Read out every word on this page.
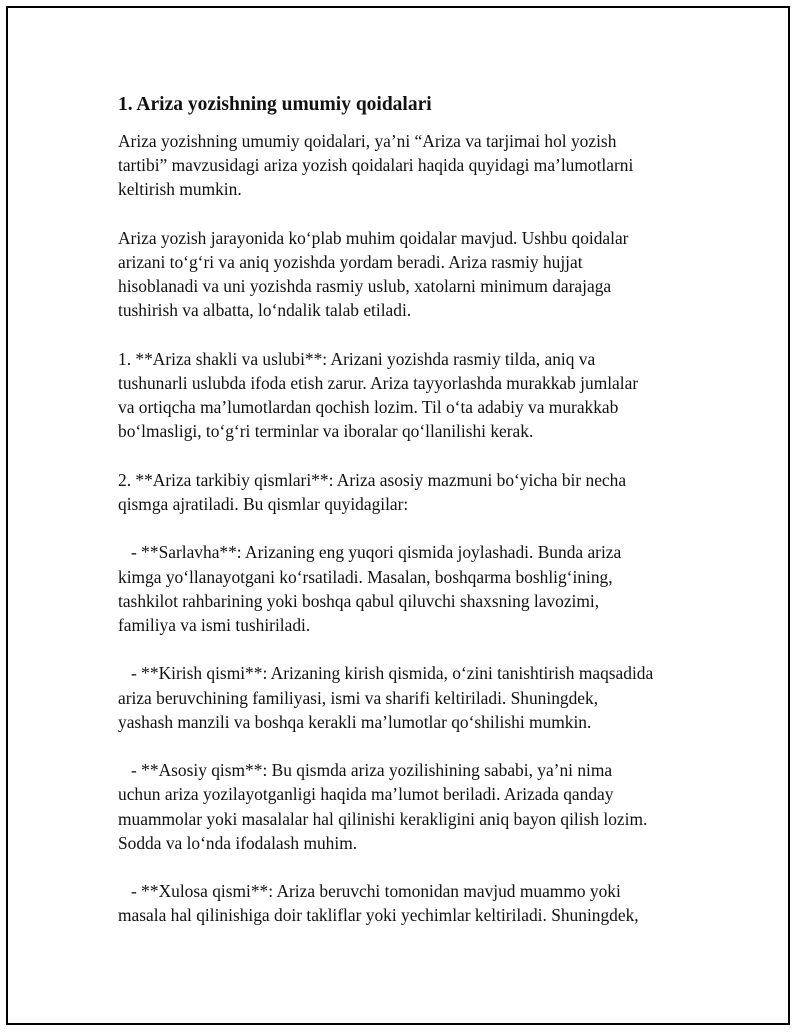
1. Ariza yozishning umumiy qoidalari
Ariza yozishning umumiy qoidalari, ya’ni “Ariza va tarjimai hol yozish
tartibi” mavzusidagi ariza yozish qoidalari haqida quyidagi ma’lumotlarni
keltirish mumkin.
Ariza yozish jarayonida ko‘plab muhim qoidalar mavjud. Ushbu qoidalar
arizani to‘g‘ri va aniq yozishda yordam beradi. Ariza rasmiy hujjat
hisoblanadi va uni yozishda rasmiy uslub, xatolarni minimum darajaga
tushirish va albatta, lo‘ndalik talab etiladi.
1. **Ariza shakli va uslubi**: Arizani yozishda rasmiy tilda, aniq va
tushunarli uslubda ifoda etish zarur. Ariza tayyorlashda murakkab jumlalar
va ortiqcha ma’lumotlardan qochish lozim. Til o‘ta adabiy va murakkab
bo‘lmasligi, to‘g‘ri terminlar va iboralar qo‘llanilishi kerak.
2. **Ariza tarkibiy qismlari**: Ariza asosiy mazmuni bo‘yicha bir necha
qismga ajratiladi. Bu qismlar quyidagilar:
- **Sarlavha**: Arizaning eng yuqori qismida joylashadi. Bunda ariza
kimga yo‘llanayotgani ko‘rsatiladi. Masalan, boshqarma boshlig‘ining,
tashkilot rahbarining yoki boshqa qabul qiluvchi shaxsning lavozimi,
familiya va ismi tushiriladi.
- **Kirish qismi**: Arizaning kirish qismida, o‘zini tanishtirish maqsadida
ariza beruvchining familiyasi, ismi va sharifi keltiriladi. Shuningdek,
yashash manzili va boshqa kerakli ma’lumotlar qo‘shilishi mumkin.
- **Asosiy qism**: Bu qismda ariza yozilishining sababi, ya’ni nima
uchun ariza yozilayotganligi haqida ma’lumot beriladi. Arizada qanday
muammolar yoki masalalar hal qilinishi kerakligini aniq bayon qilish lozim.
Sodda va lo‘nda ifodalash muhim.
- **Xulosa qismi**: Ariza beruvchi tomonidan mavjud muammo yoki
masala hal qilinishiga doir takliflar yoki yechimlar keltiriladi. Shuningdek,
